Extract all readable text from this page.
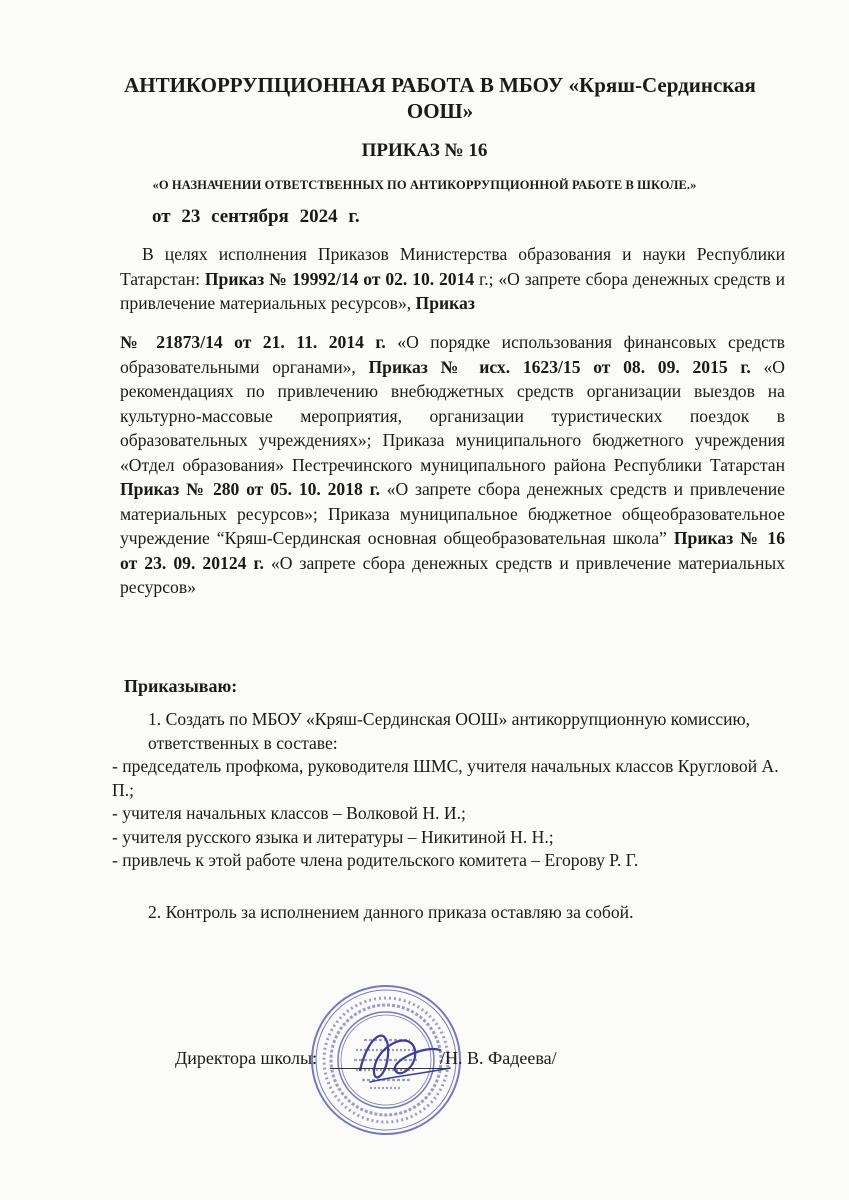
АНТИКОРРУПЦИОННАЯ РАБОТА В МБОУ «Кряш-Сердинская ООШ»
ПРИКАЗ № 16
«О НАЗНАЧЕНИИ ОТВЕТСТВЕННЫХ ПО АНТИКОРРУПЦИОННОЙ РАБОТЕ В ШКОЛЕ.»
от 23 сентября 2024 г.
В целях исполнения Приказов Министерства образования и науки Республики Татарстан: Приказ № 19992/14 от 02. 10. 2014 г.; «О запрете сбора денежных средств и привлечение материальных ресурсов», Приказ
№ 21873/14 от 21. 11. 2014 г. «О порядке использования финансовых средств образовательными органами», Приказ № исх. 1623/15 от 08. 09. 2015 г. «О рекомендациях по привлечению внебюджетных средств организации выездов на культурно-массовые мероприятия, организации туристических поездок в образовательных учреждениях»; Приказа муниципального бюджетного учреждения «Отдел образования» Пестречинского муниципального района Республики Татарстан Приказ № 280 от 05. 10. 2018 г. «О запрете сбора денежных средств и привлечение материальных ресурсов»; Приказа муниципальное бюджетное общеобразовательное учреждение “Кряш-Сердинская основная общеобразовательная школа” Приказ № 16 от 23. 09. 20124 г. «О запрете сбора денежных средств и привлечение материальных ресурсов»
Приказываю:
1. Создать по МБОУ «Кряш-Сердинская ООШ» антикоррупционную комиссию, ответственных в составе:
- председатель профкома, руководителя ШМС, учителя начальных классов Кругловой А. П.;
- учителя начальных классов – Волковой Н. И.;
- учителя русского языка и литературы – Никитиной Н. Н.;
- привлечь к этой работе члена родительского комитета – Егорову Р. Г.
2. Контроль за исполнением данного приказа оставляю за собой.
Директора школы:	/Н. В. Фадеева/
